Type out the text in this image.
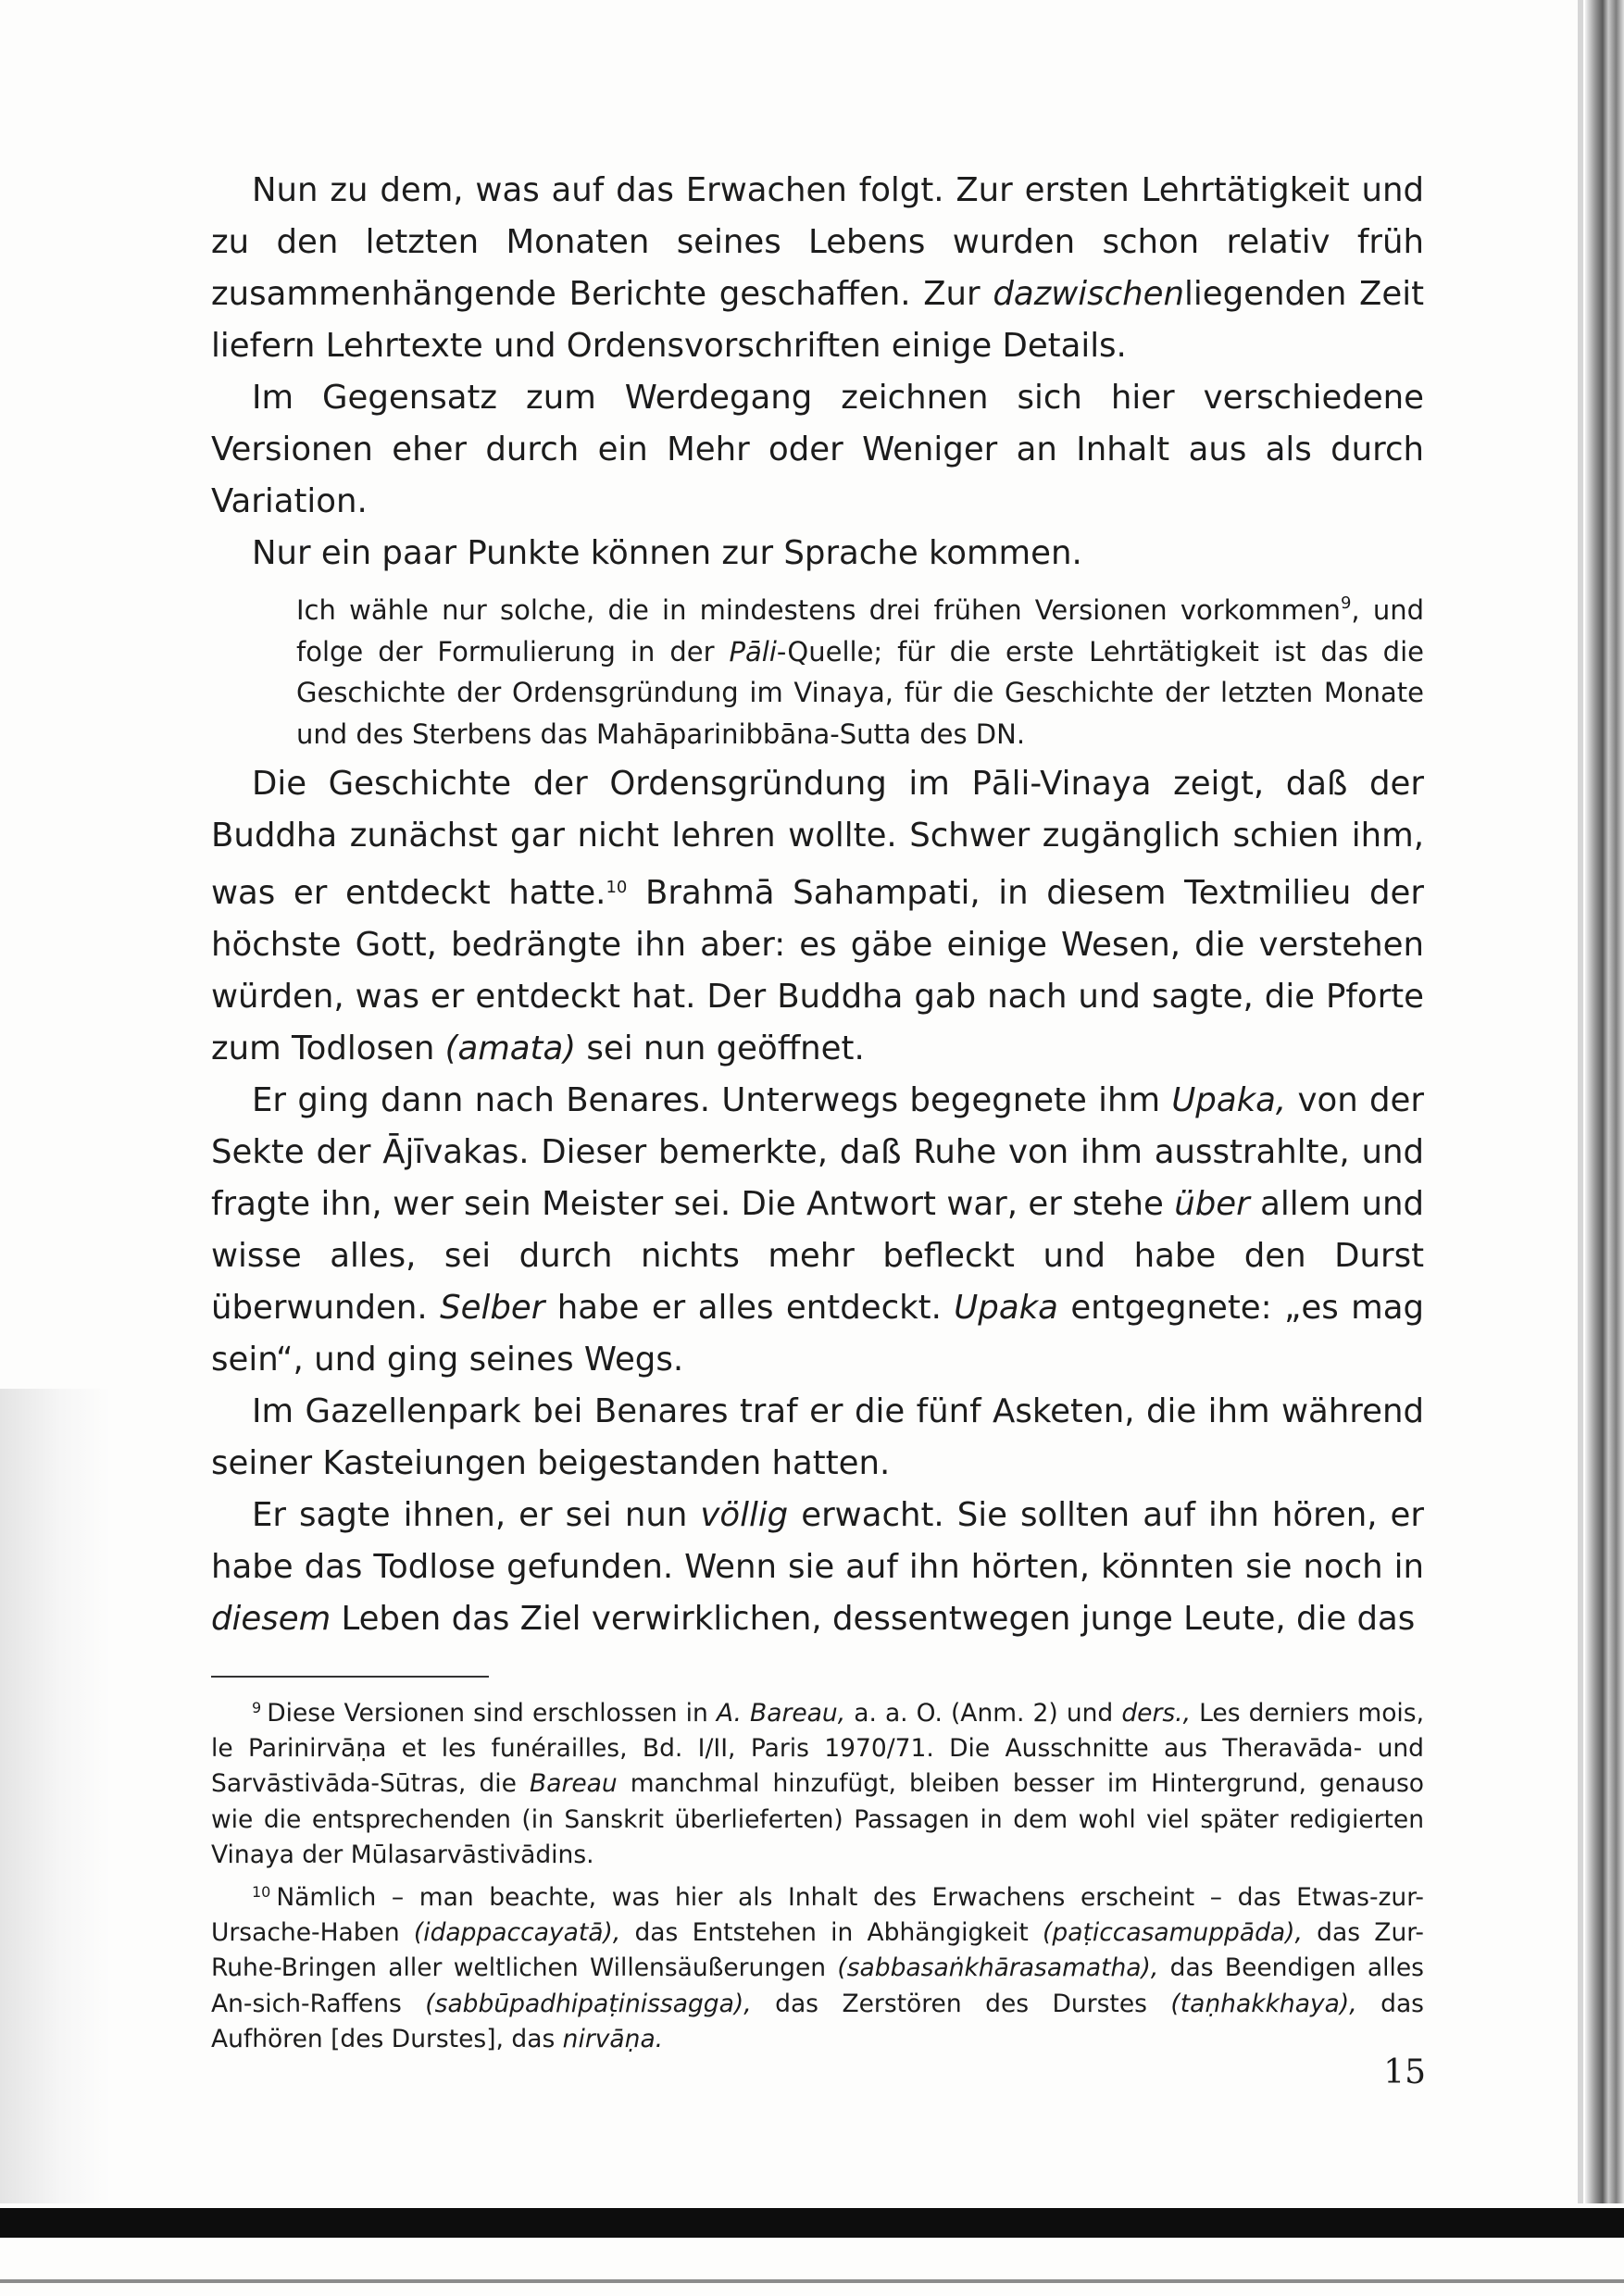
Nun zu dem, was auf das Erwachen folgt. Zur ersten Lehrtätigkeit und zu den letzten Monaten seines Lebens wurden schon relativ früh zusammenhängende Berichte geschaffen. Zur dazwischenliegenden Zeit liefern Lehrtexte und Ordensvorschriften einige Details.

Im Gegensatz zum Werdegang zeichnen sich hier verschiedene Versionen eher durch ein Mehr oder Weniger an Inhalt aus als durch Variation.

Nur ein paar Punkte können zur Sprache kommen.

Ich wähle nur solche, die in mindestens drei frühen Versionen vorkommen$^9$, und folge der Formulierung in der Pāli-Quelle; für die erste Lehrtätigkeit ist das die Geschichte der Ordensgründung im Vinaya, für die Geschichte der letzten Monate und des Sterbens das Mahāparinibbāna-Sutta des DN.

Die Geschichte der Ordensgründung im Pāli-Vinaya zeigt, daß der Buddha zunächst gar nicht lehren wollte. Schwer zugänglich schien ihm, was er entdeckt hatte.$^{10}$ Brahmā Sahampati, in diesem Textmilieu der höchste Gott, bedrängte ihn aber: es gäbe einige Wesen, die verstehen würden, was er entdeckt hat. Der Buddha gab nach und sagte, die Pforte zum Todlosen (amata) sei nun geöffnet.

Er ging dann nach Benares. Unterwegs begegnete ihm Upaka, von der Sekte der Ājīvakas. Dieser bemerkte, daß Ruhe von ihm ausstrahlte, und fragte ihn, wer sein Meister sei. Die Antwort war, er stehe über allem und wisse alles, sei durch nichts mehr befleckt und habe den Durst überwunden. Selber habe er alles entdeckt. Upaka entgegnete: „es mag sein“, und ging seines Wegs.

Im Gazellenpark bei Benares traf er die fünf Asketen, die ihm während seiner Kasteiungen beigestanden hatten.

Er sagte ihnen, er sei nun völlig erwacht. Sie sollten auf ihn hören, er habe das Todlose gefunden. Wenn sie auf ihn hörten, könnten sie noch in diesem Leben das Ziel verwirklichen, dessentwegen junge Leute, die das

$^9$ Diese Versionen sind erschlossen in A. Bareau, a. a. O. (Anm. 2) und ders., Les derniers mois, le Parinirvāṇa et les funérailles, Bd. I/II, Paris 1970/71. Die Ausschnitte aus Theravāda- und Sarvāstivāda-Sūtras, die Bareau manchmal hinzufügt, bleiben besser im Hintergrund, genauso wie die entsprechenden (in Sanskrit überlieferten) Passagen in dem wohl viel später redigierten Vinaya der Mūlasarvāstivādins.

$^{10}$ Nämlich – man beachte, was hier als Inhalt des Erwachens erscheint – das Etwas-zur-Ursache-Haben (idappaccayatā), das Entstehen in Abhängigkeit (paṭiccasamuppāda), das Zur-Ruhe-Bringen aller weltlichen Willensäußerungen (sabbasaṅkhārasamatha), das Beendigen alles An-sich-Raffens (sabbūpadhipaṭinissagga), das Zerstören des Durstes (taṇhakkhaya), das Aufhören [des Durstes], das nirvāṇa.

15
